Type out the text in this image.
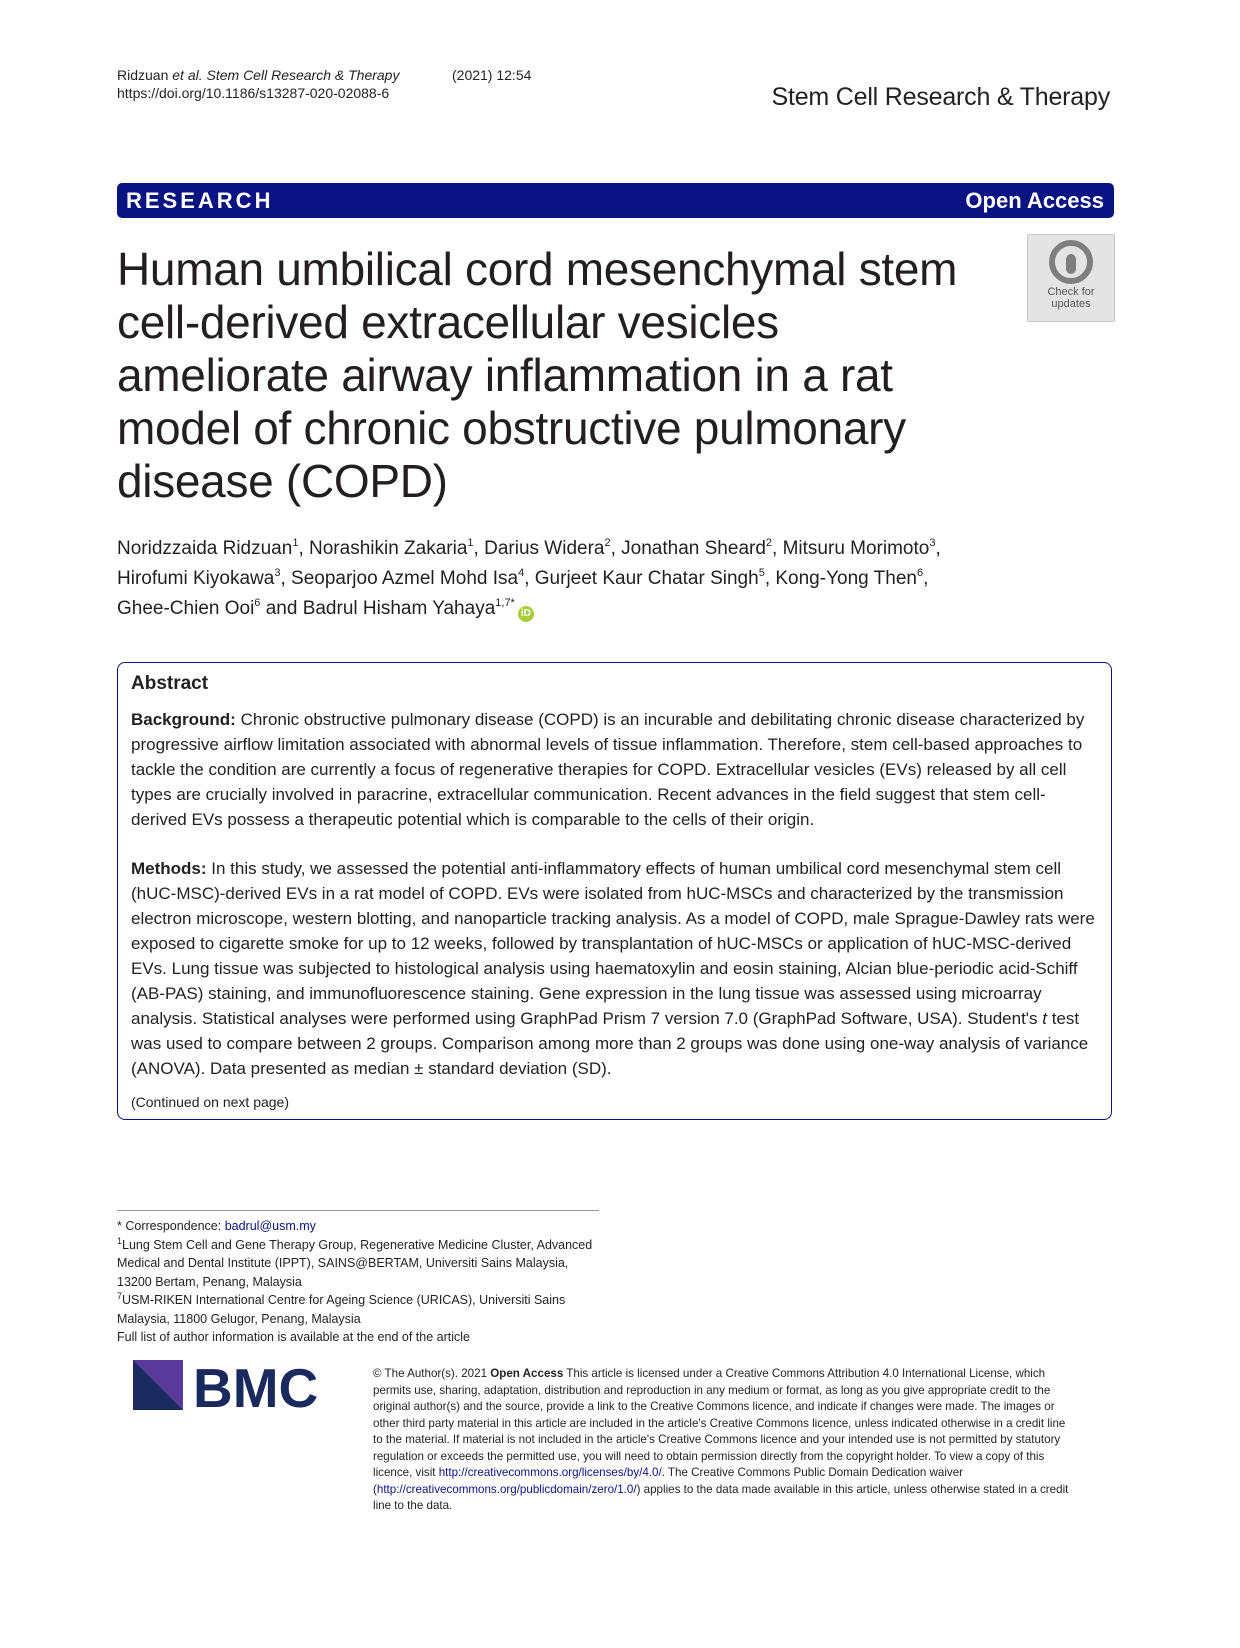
Ridzuan et al. Stem Cell Research & Therapy	(2021) 12:54
https://doi.org/10.1186/s13287-020-02088-6	Stem Cell Research & Therapy
RESEARCH	Open Access
Human umbilical cord mesenchymal stem cell-derived extracellular vesicles ameliorate airway inflammation in a rat model of chronic obstructive pulmonary disease (COPD)
Check for
updates
Noridzzaida Ridzuan$^1$, Norashikin Zakaria$^1$, Darius Widera$^2$, Jonathan Sheard$^2$, Mitsuru Morimoto$^3$,
Hirofumi Kiyokawa$^3$, Seoparjoo Azmel Mohd Isa$^4$, Gurjeet Kaur Chatar Singh$^5$, Kong-Yong Then$^6$,
Ghee-Chien Ooi$^6$ and Badrul Hisham Yahaya$^{1,7*}$iD
Abstract
Background: Chronic obstructive pulmonary disease (COPD) is an incurable and debilitating chronic disease characterized by progressive airflow limitation associated with abnormal levels of tissue inflammation. Therefore, stem cell-based approaches to tackle the condition are currently a focus of regenerative therapies for COPD. Extracellular vesicles (EVs) released by all cell types are crucially involved in paracrine, extracellular communication. Recent advances in the field suggest that stem cell-derived EVs possess a therapeutic potential which is comparable to the cells of their origin.
Methods: In this study, we assessed the potential anti-inflammatory effects of human umbilical cord mesenchymal stem cell (hUC-MSC)-derived EVs in a rat model of COPD. EVs were isolated from hUC-MSCs and characterized by the transmission electron microscope, western blotting, and nanoparticle tracking analysis. As a model of COPD, male Sprague-Dawley rats were exposed to cigarette smoke for up to 12 weeks, followed by transplantation of hUC-MSCs or application of hUC-MSC-derived EVs. Lung tissue was subjected to histological analysis using haematoxylin and eosin staining, Alcian blue-periodic acid-Schiff (AB-PAS) staining, and immunofluorescence staining. Gene expression in the lung tissue was assessed using microarray analysis. Statistical analyses were performed using GraphPad Prism 7 version 7.0 (GraphPad Software, USA). Student's t test was used to compare between 2 groups. Comparison among more than 2 groups was done using one-way analysis of variance (ANOVA). Data presented as median ± standard deviation (SD).
(Continued on next page)
* Correspondence: badrul@usm.my
$^1$Lung Stem Cell and Gene Therapy Group, Regenerative Medicine Cluster, Advanced Medical and Dental Institute (IPPT), SAINS@BERTAM, Universiti Sains Malaysia, 13200 Bertam, Penang, Malaysia
$^7$USM-RIKEN International Centre for Ageing Science (URICAS), Universiti Sains Malaysia, 11800 Gelugor, Penang, Malaysia
Full list of author information is available at the end of the article
BMC	© The Author(s). 2021 Open Access This article is licensed under a Creative Commons Attribution 4.0 International License, which permits use, sharing, adaptation, distribution and reproduction in any medium or format, as long as you give appropriate credit to the original author(s) and the source, provide a link to the Creative Commons licence, and indicate if changes were made. The images or other third party material in this article are included in the article's Creative Commons licence, unless indicated otherwise in a credit line to the material. If material is not included in the article's Creative Commons licence and your intended use is not permitted by statutory regulation or exceeds the permitted use, you will need to obtain permission directly from the copyright holder. To view a copy of this licence, visit http://creativecommons.org/licenses/by/4.0/. The Creative Commons Public Domain Dedication waiver (http://creativecommons.org/publicdomain/zero/1.0/) applies to the data made available in this article, unless otherwise stated in a credit line to the data.
